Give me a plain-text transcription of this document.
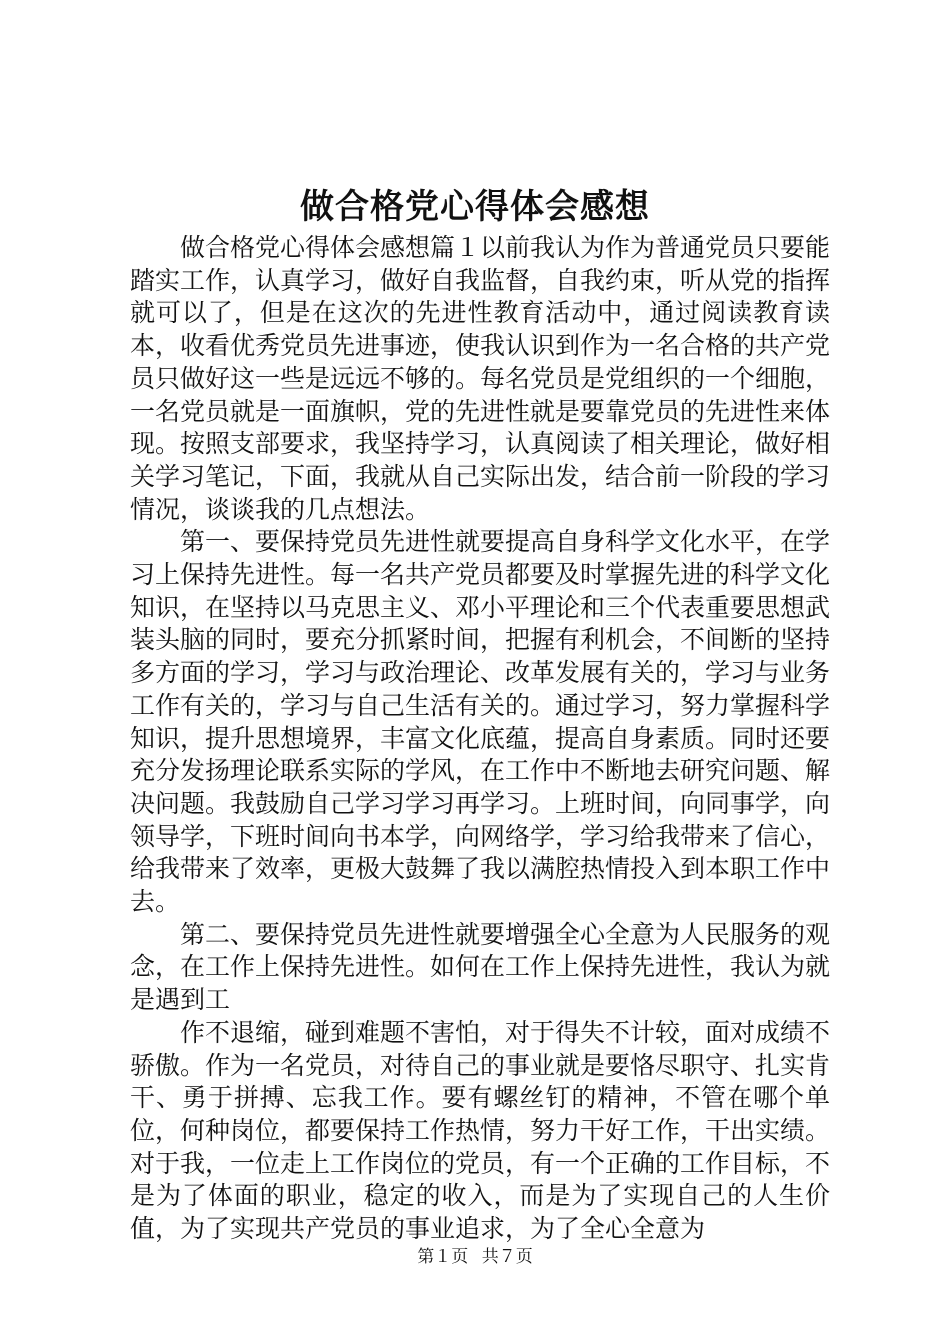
做合格党心得体会感想

做合格党心得体会感想篇１以前我认为作为普通党员只要能踏实工作，认真学习，做好自我监督，自我约束，听从党的指挥就可以了，但是在这次的先进性教育活动中，通过阅读教育读本，收看优秀党员先进事迹，使我认识到作为一名合格的共产党员只做好这一些是远远不够的。每名党员是党组织的一个细胞，一名党员就是一面旗帜，党的先进性就是要靠党员的先进性来体现。按照支部要求，我坚持学习，认真阅读了相关理论，做好相关学习笔记，下面，我就从自己实际出发，结合前一阶段的学习情况，谈谈我的几点想法。

第一、要保持党员先进性就要提高自身科学文化水平，在学习上保持先进性。每一名共产党员都要及时掌握先进的科学文化知识，在坚持以马克思主义、邓小平理论和三个代表重要思想武装头脑的同时，要充分抓紧时间，把握有利机会，不间断的坚持多方面的学习，学习与政治理论、改革发展有关的，学习与业务工作有关的，学习与自己生活有关的。通过学习，努力掌握科学知识，提升思想境界，丰富文化底蕴，提高自身素质。同时还要充分发扬理论联系实际的学风，在工作中不断地去研究问题、解决问题。我鼓励自己学习学习再学习。上班时间，向同事学，向领导学，下班时间向书本学，向网络学，学习给我带来了信心，给我带来了效率，更极大鼓舞了我以满腔热情投入到本职工作中去。

第二、要保持党员先进性就要增强全心全意为人民服务的观念，在工作上保持先进性。如何在工作上保持先进性，我认为就是遇到工

作不退缩，碰到难题不害怕，对于得失不计较，面对成绩不骄傲。作为一名党员，对待自己的事业就是要恪尽职守、扎实肯干、勇于拼搏、忘我工作。要有螺丝钉的精神，不管在哪个单位，何种岗位，都要保持工作热情，努力干好工作，干出实绩。对于我，一位走上工作岗位的党员，有一个正确的工作目标，不是为了体面的职业，稳定的收入，而是为了实现自己的人生价值，为了实现共产党员的事业追求，为了全心全意为

第１页 共７页
